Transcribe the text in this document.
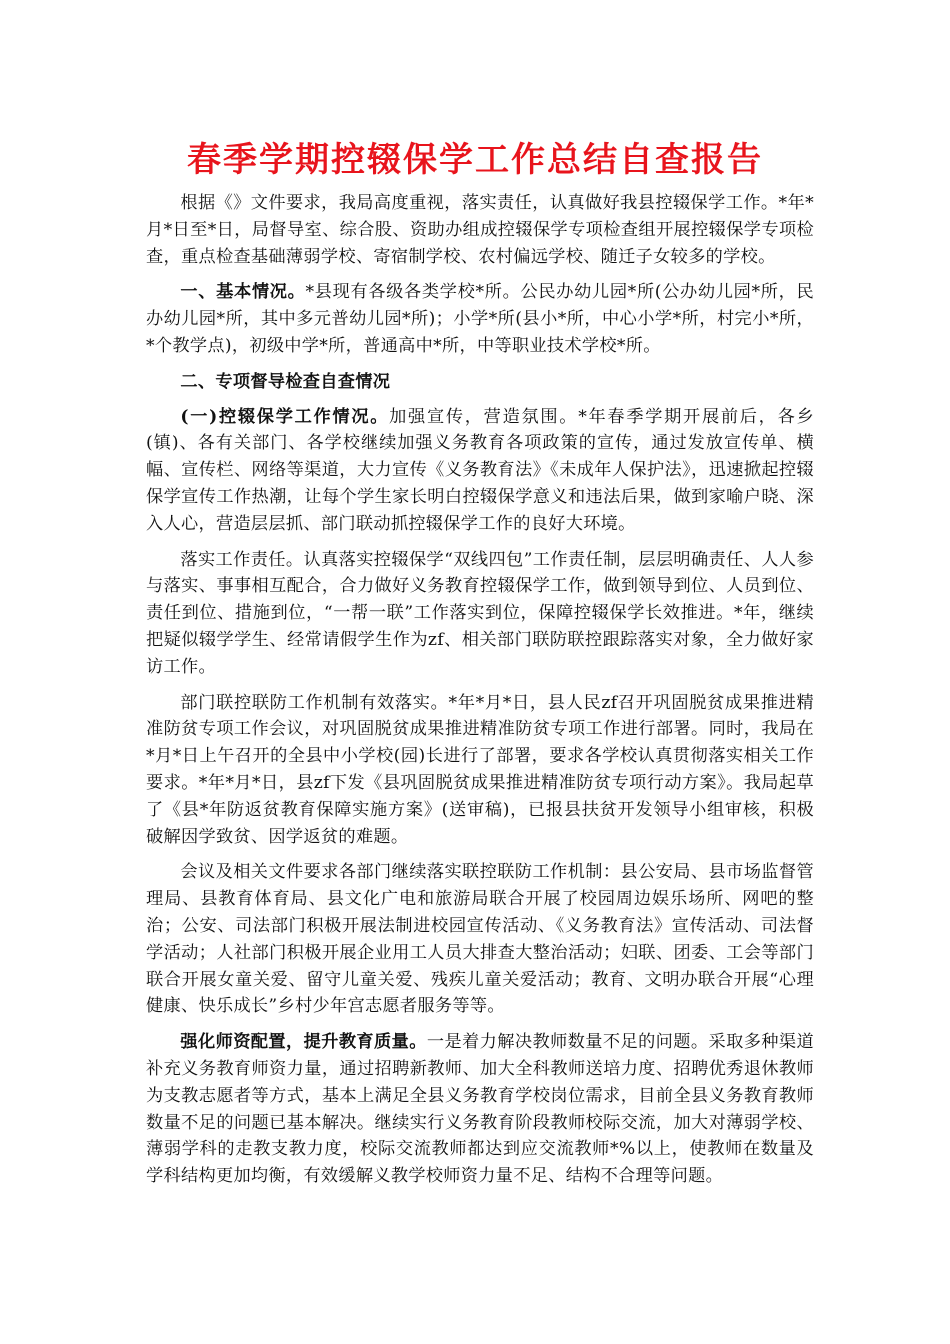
春季学期控辍保学工作总结自查报告

根据《》文件要求，我局高度重视，落实责任，认真做好我县控辍保学工作。*年*月*日至*日，局督导室、综合股、资助办组成控辍保学专项检查组开展控辍保学专项检查，重点检查基础薄弱学校、寄宿制学校、农村偏远学校、随迁子女较多的学校。

一、基本情况。*县现有各级各类学校*所。公民办幼儿园*所(公办幼儿园*所，民办幼儿园*所，其中多元普幼儿园*所)；小学*所(县小*所，中心小学*所，村完小*所，*个教学点)，初级中学*所，普通高中*所，中等职业技术学校*所。

二、专项督导检查自查情况

(一)控辍保学工作情况。加强宣传，营造氛围。*年春季学期开展前后，各乡(镇)、各有关部门、各学校继续加强义务教育各项政策的宣传，通过发放宣传单、横幅、宣传栏、网络等渠道，大力宣传《义务教育法》《未成年人保护法》，迅速掀起控辍保学宣传工作热潮，让每个学生家长明白控辍保学意义和违法后果，做到家喻户晓、深入人心，营造层层抓、部门联动抓控辍保学工作的良好大环境。

落实工作责任。认真落实控辍保学“双线四包”工作责任制，层层明确责任、人人参与落实、事事相互配合，合力做好义务教育控辍保学工作，做到领导到位、人员到位、责任到位、措施到位，“一帮一联”工作落实到位，保障控辍保学长效推进。*年，继续把疑似辍学学生、经常请假学生作为zf、相关部门联防联控跟踪落实对象，全力做好家访工作。

部门联控联防工作机制有效落实。*年*月*日，县人民zf召开巩固脱贫成果推进精准防贫专项工作会议，对巩固脱贫成果推进精准防贫专项工作进行部署。同时，我局在*月*日上午召开的全县中小学校(园)长进行了部署，要求各学校认真贯彻落实相关工作要求。*年*月*日，县zf下发《县巩固脱贫成果推进精准防贫专项行动方案》。我局起草了《县*年防返贫教育保障实施方案》(送审稿)，已报县扶贫开发领导小组审核，积极破解因学致贫、因学返贫的难题。

会议及相关文件要求各部门继续落实联控联防工作机制：县公安局、县市场监督管理局、县教育体育局、县文化广电和旅游局联合开展了校园周边娱乐场所、网吧的整治；公安、司法部门积极开展法制进校园宣传活动、《义务教育法》宣传活动、司法督学活动；人社部门积极开展企业用工人员大排查大整治活动；妇联、团委、工会等部门联合开展女童关爱、留守儿童关爱、残疾儿童关爱活动；教育、文明办联合开展“心理健康、快乐成长”乡村少年宫志愿者服务等等。

强化师资配置，提升教育质量。一是着力解决教师数量不足的问题。采取多种渠道补充义务教育师资力量，通过招聘新教师、加大全科教师送培力度、招聘优秀退休教师为支教志愿者等方式，基本上满足全县义务教育学校岗位需求，目前全县义务教育教师数量不足的问题已基本解决。继续实行义务教育阶段教师校际交流，加大对薄弱学校、薄弱学科的走教支教力度，校际交流教师都达到应交流教师*%以上，使教师在数量及学科结构更加均衡，有效缓解义教学校师资力量不足、结构不合理等问题。
